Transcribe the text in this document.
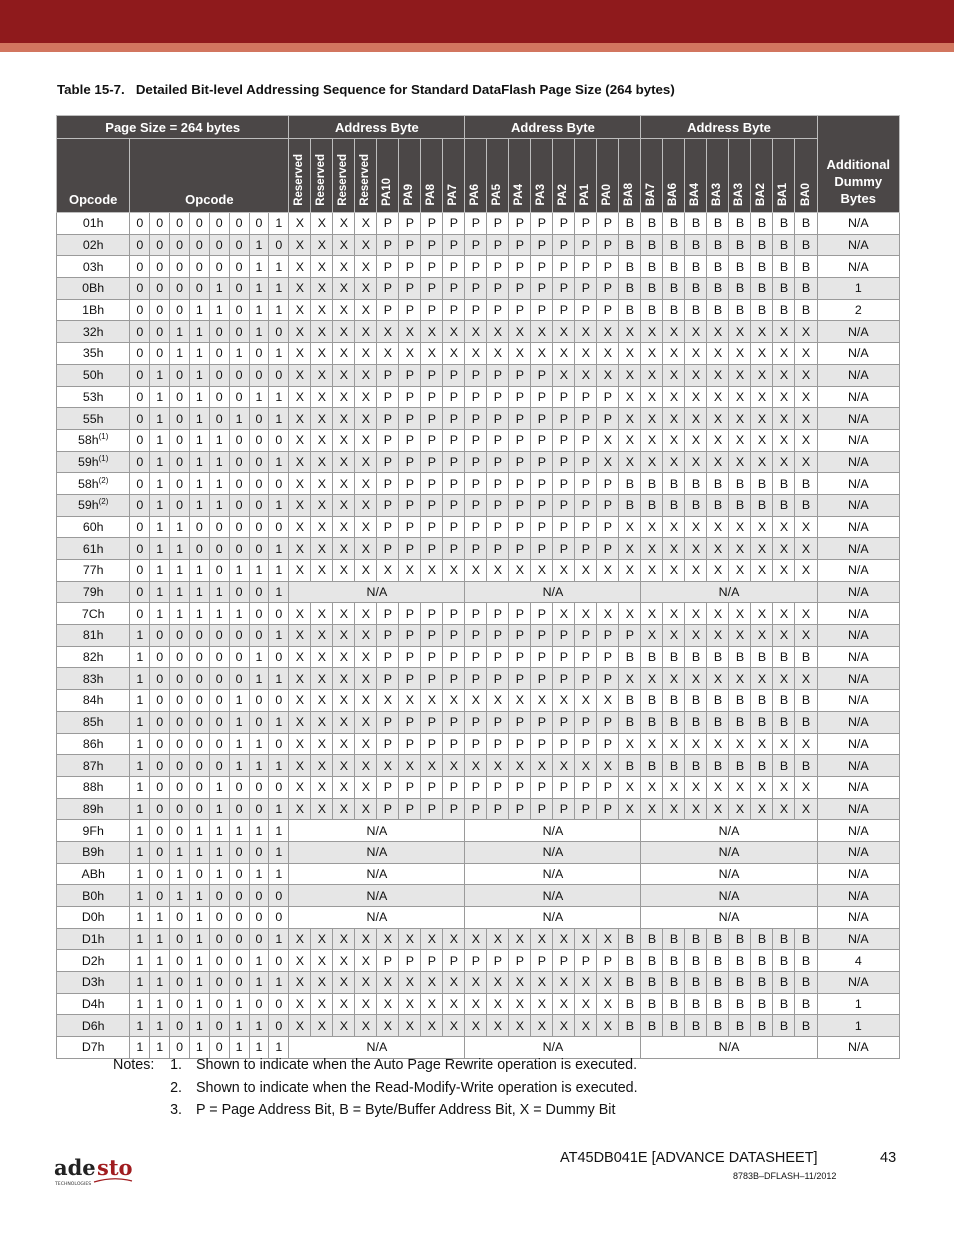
Table 15-7.   Detailed Bit-level Addressing Sequence for Standard DataFlash Page Size (264 bytes)
Page Size = 264 bytes									Address Byte								Address Byte								Address Byte								Additional Dummy Bytes
Opcode	Opcode								Reserved	Reserved	Reserved	Reserved	PA10	PA9	PA8	PA7	PA6	PA5	PA4	PA3	PA2	PA1	PA0	BA8	BA7	BA6	BA4	BA3	BA3	BA2	BA1	BA0	
01h	0	0	0	0	0	0	0	1	X	X	X	X	P	P	P	P	P	P	P	P	P	P	P	B	B	B	B	B	B	B	B	B	N/A
02h	0	0	0	0	0	0	1	0	X	X	X	X	P	P	P	P	P	P	P	P	P	P	P	B	B	B	B	B	B	B	B	B	N/A
03h	0	0	0	0	0	0	1	1	X	X	X	X	P	P	P	P	P	P	P	P	P	P	P	B	B	B	B	B	B	B	B	B	N/A
0Bh	0	0	0	0	1	0	1	1	X	X	X	X	P	P	P	P	P	P	P	P	P	P	P	B	B	B	B	B	B	B	B	B	1
1Bh	0	0	0	1	1	0	1	1	X	X	X	X	P	P	P	P	P	P	P	P	P	P	P	B	B	B	B	B	B	B	B	B	2
32h	0	0	1	1	0	0	1	0	X	X	X	X	X	X	X	X	X	X	X	X	X	X	X	X	X	X	X	X	X	X	X	X	N/A
35h	0	0	1	1	0	1	0	1	X	X	X	X	X	X	X	X	X	X	X	X	X	X	X	X	X	X	X	X	X	X	X	X	N/A
50h	0	1	0	1	0	0	0	0	X	X	X	X	P	P	P	P	P	P	P	P	X	X	X	X	X	X	X	X	X	X	X	X	N/A
53h	0	1	0	1	0	0	1	1	X	X	X	X	P	P	P	P	P	P	P	P	P	P	P	X	X	X	X	X	X	X	X	X	N/A
55h	0	1	0	1	0	1	0	1	X	X	X	X	P	P	P	P	P	P	P	P	P	P	P	X	X	X	X	X	X	X	X	X	N/A
$58h^{(1)}$	0	1	0	1	1	0	0	0	X	X	X	X	P	P	P	P	P	P	P	P	P	P	X	X	X	X	X	X	X	X	X	X	N/A
$59h^{(1)}$	0	1	0	1	1	0	0	1	X	X	X	X	P	P	P	P	P	P	P	P	P	P	X	X	X	X	X	X	X	X	X	X	N/A
$58h^{(2)}$	0	1	0	1	1	0	0	0	X	X	X	X	P	P	P	P	P	P	P	P	P	P	P	B	B	B	B	B	B	B	B	B	N/A
$59h^{(2)}$	0	1	0	1	1	0	0	1	X	X	X	X	P	P	P	P	P	P	P	P	P	P	P	B	B	B	B	B	B	B	B	B	N/A
60h	0	1	1	0	0	0	0	0	X	X	X	X	P	P	P	P	P	P	P	P	P	P	P	X	X	X	X	X	X	X	X	X	N/A
61h	0	1	1	0	0	0	0	1	X	X	X	X	P	P	P	P	P	P	P	P	P	P	P	X	X	X	X	X	X	X	X	X	N/A
77h	0	1	1	1	0	1	1	1	X	X	X	X	X	X	X	X	X	X	X	X	X	X	X	X	X	X	X	X	X	X	X	X	N/A
79h	0	1	1	1	1	0	0	1	N/A								N/A								N/A								N/A
7Ch	0	1	1	1	1	1	0	0	X	X	X	X	P	P	P	P	P	P	P	P	X	X	X	X	X	X	X	X	X	X	X	X	N/A
81h	1	0	0	0	0	0	0	1	X	X	X	X	P	P	P	P	P	P	P	P	P	P	P	P	X	X	X	X	X	X	X	X	N/A
82h	1	0	0	0	0	0	1	0	X	X	X	X	P	P	P	P	P	P	P	P	P	P	P	B	B	B	B	B	B	B	B	B	N/A
83h	1	0	0	0	0	0	1	1	X	X	X	X	P	P	P	P	P	P	P	P	P	P	P	X	X	X	X	X	X	X	X	X	N/A
84h	1	0	0	0	0	1	0	0	X	X	X	X	X	X	X	X	X	X	X	X	X	X	X	B	B	B	B	B	B	B	B	B	N/A
85h	1	0	0	0	0	1	0	1	X	X	X	X	P	P	P	P	P	P	P	P	P	P	P	B	B	B	B	B	B	B	B	B	N/A
86h	1	0	0	0	0	1	1	0	X	X	X	X	P	P	P	P	P	P	P	P	P	P	P	X	X	X	X	X	X	X	X	X	N/A
87h	1	0	0	0	0	1	1	1	X	X	X	X	X	X	X	X	X	X	X	X	X	X	X	B	B	B	B	B	B	B	B	B	N/A
88h	1	0	0	0	1	0	0	0	X	X	X	X	P	P	P	P	P	P	P	P	P	P	P	X	X	X	X	X	X	X	X	X	N/A
89h	1	0	0	0	1	0	0	1	X	X	X	X	P	P	P	P	P	P	P	P	P	P	P	X	X	X	X	X	X	X	X	X	N/A
9Fh	1	0	0	1	1	1	1	1	N/A								N/A								N/A								N/A
B9h	1	0	1	1	1	0	0	1	N/A								N/A								N/A								N/A
ABh	1	0	1	0	1	0	1	1	N/A								N/A								N/A								N/A
B0h	1	0	1	1	0	0	0	0	N/A								N/A								N/A								N/A
D0h	1	1	0	1	0	0	0	0	N/A								N/A								N/A								N/A
D1h	1	1	0	1	0	0	0	1	X	X	X	X	X	X	X	X	X	X	X	X	X	X	X	B	B	B	B	B	B	B	B	B	N/A
D2h	1	1	0	1	0	0	1	0	X	X	X	X	P	P	P	P	P	P	P	P	P	P	P	B	B	B	B	B	B	B	B	B	4
D3h	1	1	0	1	0	0	1	1	X	X	X	X	X	X	X	X	X	X	X	X	X	X	X	B	B	B	B	B	B	B	B	B	N/A
D4h	1	1	0	1	0	1	0	0	X	X	X	X	X	X	X	X	X	X	X	X	X	X	X	B	B	B	B	B	B	B	B	B	1
D6h	1	1	0	1	0	1	1	0	X	X	X	X	X	X	X	X	X	X	X	X	X	X	X	B	B	B	B	B	B	B	B	B	1
D7h	1	1	0	1	0	1	1	1	N/A								N/A								N/A								N/A
Notes: 1. Shown to indicate when the Auto Page Rewrite operation is executed.
2. Shown to indicate when the Read-Modify-Write operation is executed.
3. P = Page Address Bit, B = Byte/Buffer Address Bit, X = Dummy Bit
ade sto
TECHNOLOGIES
AT45DB041E [ADVANCE DATASHEET]	43
8783B–DFLASH–11/2012
